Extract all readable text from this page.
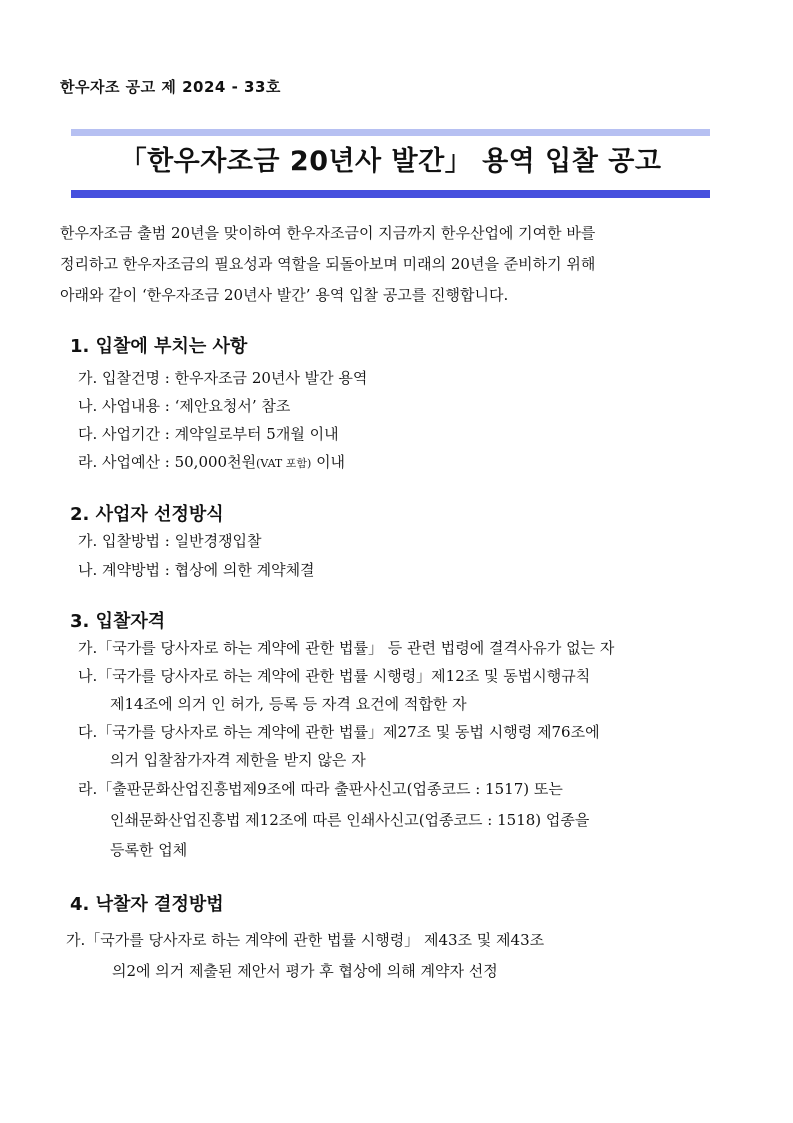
한우자조 공고 제 2024 - 33호
「한우자조금 20년사 발간」 용역 입찰 공고

한우자조금 출범 20년을 맞이하여 한우자조금이 지금까지 한우산업에 기여한 바를

정리하고 한우자조금의 필요성과 역할을 되돌아보며 미래의 20년을 준비하기 위해

아래와 같이 ‘한우자조금 20년사 발간’ 용역 입찰 공고를 진행합니다.

1. 입찰에 부치는 사항
가. 입찰건명 : 한우자조금 20년사 발간 용역
나. 사업내용 : ‘제안요청서’ 참조
다. 사업기간 : 계약일로부터 5개월 이내
라. 사업예산 : 50,000천원(VAT 포함) 이내
2. 사업자 선정방식
가. 입찰방법 : 일반경쟁입찰
나. 계약방법 : 협상에 의한 계약체결
3. 입찰자격
가.「국가를 당사자로 하는 계약에 관한 법률」 등 관련 법령에 결격사유가 없는 자
나.「국가를 당사자로 하는 계약에 관한 법률 시행령」제12조 및 동법시행규칙
제14조에 의거 인 허가, 등록 등 자격 요건에 적합한 자
다.「국가를 당사자로 하는 계약에 관한 법률」제27조 및 동법 시행령 제76조에
의거 입찰참가자격 제한을 받지 않은 자
라.「출판문화산업진흥법제9조에 따라 출판사신고(업종코드 : 1517) 또는
인쇄문화산업진흥법 제12조에 따른 인쇄사신고(업종코드 : 1518) 업종을
등록한 업체
4. 낙찰자 결정방법
가.「국가를 당사자로 하는 계약에 관한 법률 시행령」 제43조 및 제43조
의2에 의거 제출된 제안서 평가 후 협상에 의해 계약자 선정
